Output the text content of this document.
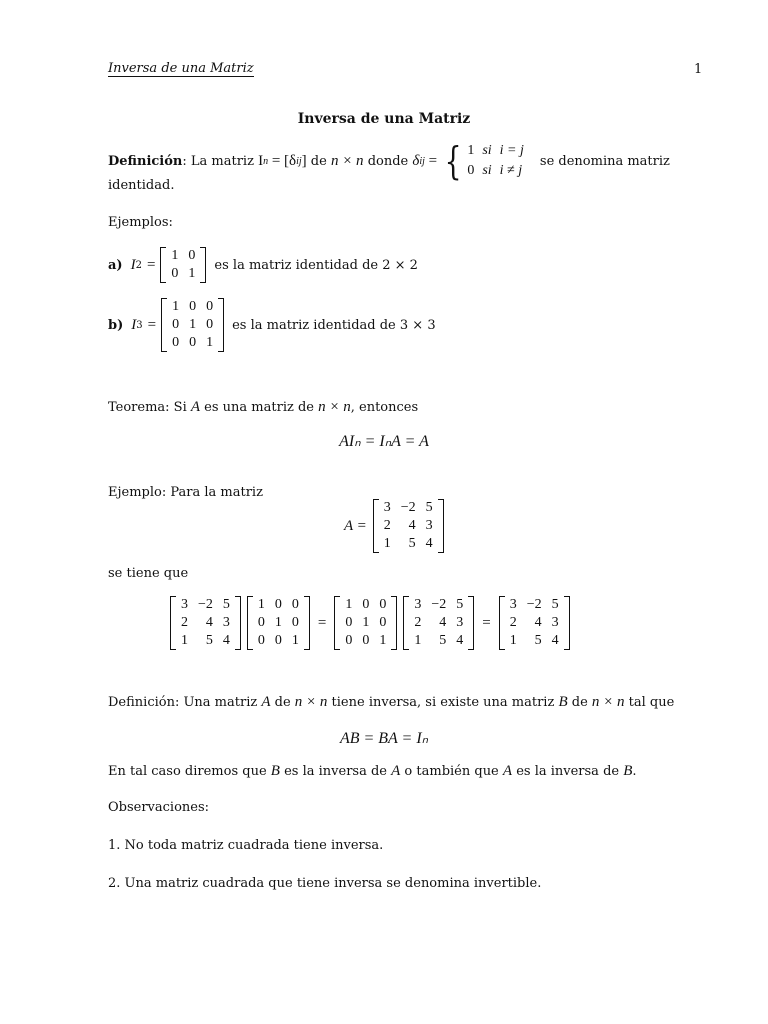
Inversa de una Matriz	1
Inversa de una Matriz
Definición : La matriz I n = [δ ij ] de n × n donde δ ij = { 1	si	i = j
0	si	i ≠ j
se denomina matriz
identidad.
Ejemplos:
a) I 2 =
1	0
0	1
es la matriz identidad de 2 × 2
b) I 3 =
1	0	0
0	1	0
0	0	1
es la matriz identidad de 3 × 3
Teorema: Si A es una matriz de n × n, entonces
AIₙ = IₙA = A
Ejemplo: Para la matriz
A =
3	−2	5
2	4	3
1	5	4
se tiene que
3	−2	5
2	4	3
1	5	4
1	0	0
0	1	0
0	0	1
=
1	0	0
0	1	0
0	0	1
3	−2	5
2	4	3
1	5	4
=
3	−2	5
2	4	3
1	5	4
Definición: Una matriz A de n × n tiene inversa, si existe una matriz B de n × n tal que
AB = BA = Iₙ
En tal caso diremos que B es la inversa de A o también que A es la inversa de B.
Observaciones:
1. No toda matriz cuadrada tiene inversa.
2. Una matriz cuadrada que tiene inversa se denomina invertible.
